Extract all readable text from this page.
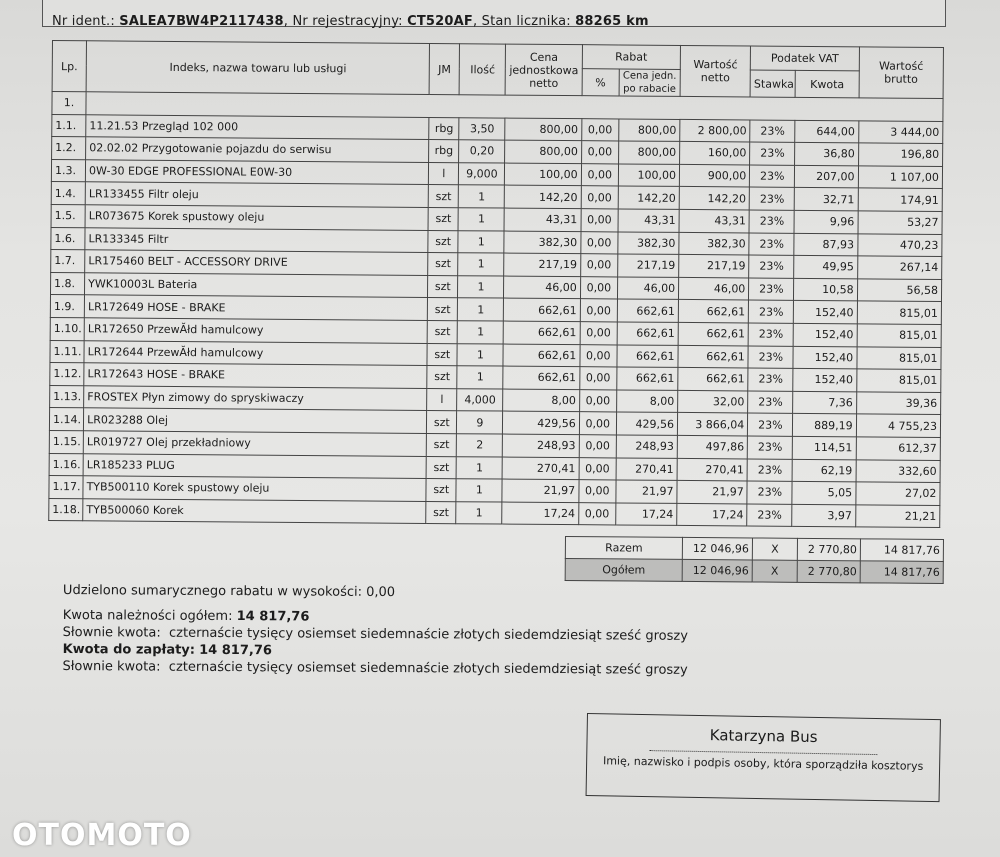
Nr ident.: SALEA7BW4P2117438, Nr rejestracyjny: CT520AF, Stan licznika: 88265 km
Lp.	Indeks, nazwa towaru lub usługi	JM	Ilość	Cena jednostkowa netto	Rabat		Wartość netto	Podatek VAT		Wartość brutto
					%	Cena jedn. po rabacie		Stawka	Kwota	
1.										
1.1.	11.21.53 Przegląd 102 000	rbg	3,50	800,00	0,00	800,00	2 800,00	23%	644,00	3 444,00
1.2.	02.02.02 Przygotowanie pojazdu do serwisu	rbg	0,20	800,00	0,00	800,00	160,00	23%	36,80	196,80
1.3.	0W-30 EDGE PROFESSIONAL E0W-30	l	9,000	100,00	0,00	100,00	900,00	23%	207,00	1 107,00
1.4.	LR133455 Filtr oleju	szt	1	142,20	0,00	142,20	142,20	23%	32,71	174,91
1.5.	LR073675 Korek spustowy oleju	szt	1	43,31	0,00	43,31	43,31	23%	9,96	53,27
1.6.	LR133345 Filtr	szt	1	382,30	0,00	382,30	382,30	23%	87,93	470,23
1.7.	LR175460 BELT - ACCESSORY DRIVE	szt	1	217,19	0,00	217,19	217,19	23%	49,95	267,14
1.8.	YWK10003L Bateria	szt	1	46,00	0,00	46,00	46,00	23%	10,58	56,58
1.9.	LR172649 HOSE - BRAKE	szt	1	662,61	0,00	662,61	662,61	23%	152,40	815,01
1.10.	LR172650 PrzewĂłd hamulcowy	szt	1	662,61	0,00	662,61	662,61	23%	152,40	815,01
1.11.	LR172644 PrzewĂłd hamulcowy	szt	1	662,61	0,00	662,61	662,61	23%	152,40	815,01
1.12.	LR172643 HOSE - BRAKE	szt	1	662,61	0,00	662,61	662,61	23%	152,40	815,01
1.13.	FROSTEX Płyn zimowy do spryskiwaczy	l	4,000	8,00	0,00	8,00	32,00	23%	7,36	39,36
1.14.	LR023288 Olej	szt	9	429,56	0,00	429,56	3 866,04	23%	889,19	4 755,23
1.15.	LR019727 Olej przekładniowy	szt	2	248,93	0,00	248,93	497,86	23%	114,51	612,37
1.16.	LR185233 PLUG	szt	1	270,41	0,00	270,41	270,41	23%	62,19	332,60
1.17.	TYB500110 Korek spustowy oleju	szt	1	21,97	0,00	21,97	21,97	23%	5,05	27,02
1.18.	TYB500060 Korek	szt	1	17,24	0,00	17,24	17,24	23%	3,97	21,21
Razem	12 046,96	X	2 770,80	14 817,76
Ogółem	12 046,96	X	2 770,80	14 817,76
Udzielono sumarycznego rabatu w wysokości: 0,00
Kwota należności ogółem: 14 817,76
Słownie kwota: czternaście tysięcy osiemset siedemnaście złotych siedemdziesiąt sześć groszy
Kwota do zapłaty: 14 817,76
Słownie kwota: czternaście tysięcy osiemset siedemnaście złotych siedemdziesiąt sześć groszy
Katarzyna Bus
Imię, nazwisko i podpis osoby, która sporządziła kosztorys
OTOMOTO
